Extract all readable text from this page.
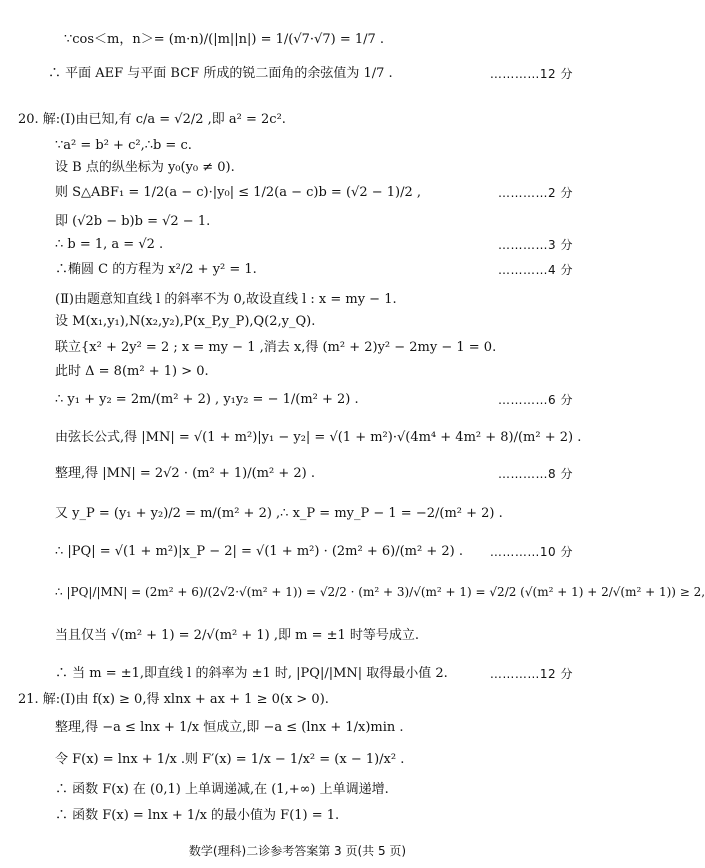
∵cos＜m，n＞= (m·n)/(|m||n|) = 1/(√7·√7) = 1/7 .
∴ 平面 AEF 与平面 BCF 所成的锐二面角的余弦值为 1/7 .	…………12 分
20. 解:(Ⅰ)由已知,有 c/a = √2/2 ,即 a² = 2c².
∵a² = b² + c²,∴b = c.
设 B 点的纵坐标为 y₀(y₀ ≠ 0).
则 S△ABF₁ = 1/2(a − c)·|y₀| ≤ 1/2(a − c)b = (√2 − 1)/2 ,	…………2 分
即 (√2b − b)b = √2 − 1.
∴ b = 1, a = √2 .	…………3 分
∴椭圆 C 的方程为 x²/2 + y² = 1.	…………4 分
(Ⅱ)由题意知直线 l 的斜率不为 0,故设直线 l : x = my − 1.
设 M(x₁,y₁),N(x₂,y₂),P(x_P,y_P),Q(2,y_Q).
联立{x² + 2y² = 2 ; x = my − 1 ,消去 x,得 (m² + 2)y² − 2my − 1 = 0.
此时 Δ = 8(m² + 1) > 0.
∴ y₁ + y₂ = 2m/(m² + 2) , y₁y₂ = − 1/(m² + 2) .	…………6 分
由弦长公式,得 |MN| = √(1 + m²)|y₁ − y₂| = √(1 + m²)·√(4m⁴ + 4m² + 8)/(m² + 2) .
整理,得 |MN| = 2√2 · (m² + 1)/(m² + 2) .	…………8 分
又 y_P = (y₁ + y₂)/2 = m/(m² + 2) ,∴ x_P = my_P − 1 = −2/(m² + 2) .
∴ |PQ| = √(1 + m²)|x_P − 2| = √(1 + m²) · (2m² + 6)/(m² + 2) . …………10 分
∴ |PQ|/|MN| = (2m² + 6)/(2√2·√(m² + 1)) = √2/2 · (m² + 3)/√(m² + 1) = √2/2 (√(m² + 1) + 2/√(m² + 1)) ≥ 2,
当且仅当 √(m² + 1) = 2/√(m² + 1) ,即 m = ±1 时等号成立.
∴ 当 m = ±1,即直线 l 的斜率为 ±1 时, |PQ|/|MN| 取得最小值 2.	…………12 分
21. 解:(Ⅰ)由 f(x) ≥ 0,得 xlnx + ax + 1 ≥ 0(x > 0).
整理,得 −a ≤ lnx + 1/x 恒成立,即 −a ≤ (lnx + 1/x)min .
令 F(x) = lnx + 1/x .则 F′(x) = 1/x − 1/x² = (x − 1)/x² .
∴ 函数 F(x) 在 (0,1) 上单调递减,在 (1,+∞) 上单调递增.
∴ 函数 F(x) = lnx + 1/x 的最小值为 F(1) = 1.
数学(理科)二诊参考答案第 3 页(共 5 页)
